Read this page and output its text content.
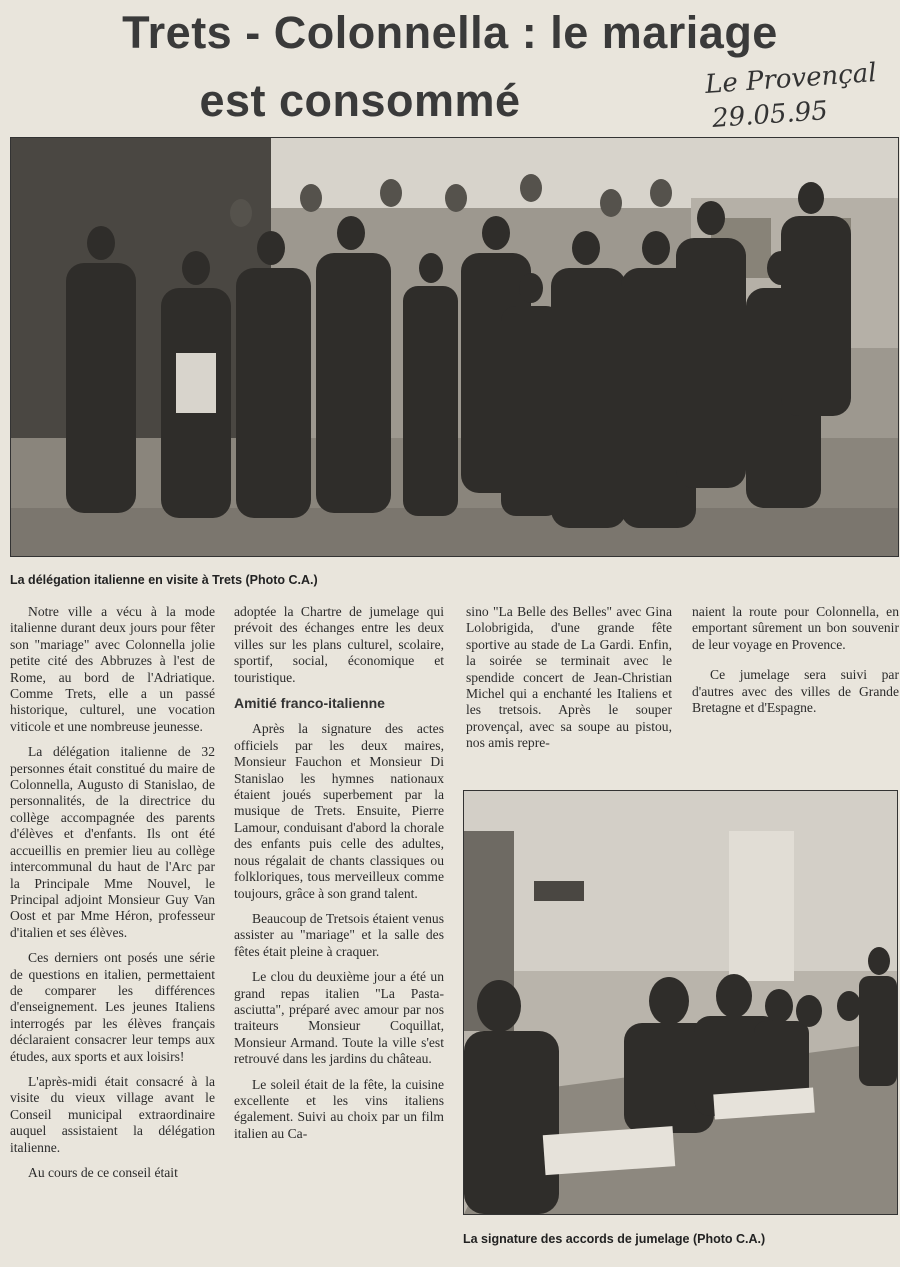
Trets - Colonnella : le mariage
est consommé	Le Provençal
29.05.95
La délégation italienne en visite à Trets (Photo C.A.)

Notre ville a vécu à la mode italienne durant deux jours pour fêter son "mariage" avec Colonnella jolie petite cité des Abbruzes à l'est de Rome, au bord de l'Adriatique. Comme Trets, elle a un passé historique, culturel, une vocation viticole et une nombreuse jeunesse.

La délégation italienne de 32 personnes était constitué du maire de Colonnella, Augusto di Stanislao, de personnalités, de la directrice du collège accompagnée des parents d'élèves et d'enfants. Ils ont été accueillis en premier lieu au collège intercommunal du haut de l'Arc par la Principale Mme Nouvel, le Principal adjoint Monsieur Guy Van Oost et par Mme Héron, professeur d'italien et ses élèves.

Ces derniers ont posés une série de questions en italien, permettaient de comparer les différences d'enseignement. Les jeunes Italiens interrogés par les élèves français déclaraient consacrer leur temps aux études, aux sports et aux loisirs!

L'après-midi était consacré à la visite du vieux village avant le Conseil municipal extraordinaire auquel assistaient la délégation italienne.

Au cours de ce conseil était

adoptée la Chartre de jumelage qui prévoit des échanges entre les deux villes sur les plans culturel, scolaire, sportif, social, économique et touristique.

Amitié franco-italienne

Après la signature des actes officiels par les deux maires, Monsieur Fauchon et Monsieur Di Stanislao les hymnes nationaux étaient joués superbement par la musique de Trets. Ensuite, Pierre Lamour, conduisant d'abord la chorale des enfants puis celle des adultes, nous régalait de chants classiques ou folkloriques, tous merveilleux comme toujours, grâce à son grand talent.

Beaucoup de Tretsois étaient venus assister au "mariage" et la salle des fêtes était pleine à craquer.

Le clou du deuxième jour a été un grand repas italien "La Pasta-asciutta", préparé avec amour par nos traiteurs Monsieur Coquillat, Monsieur Armand. Toute la ville s'est retrouvé dans les jardins du château.

Le soleil était de la fête, la cuisine excellente et les vins italiens également. Suivi au choix par un film italien au Ca-

sino "La Belle des Belles" avec Gina Lolobrigida, d'une grande fête sportive au stade de La Gardi. Enfin, la soirée se terminait avec le spendide concert de Jean-Christian Michel qui a enchanté les Italiens et les tretsois. Après le souper provençal, avec sa soupe au pistou, nos amis repre-

naient la route pour Colonnella, en emportant sûrement un bon souvenir de leur voyage en Provence.

Ce jumelage sera suivi par d'autres avec des villes de Grande Bretagne et d'Espagne.

La signature des accords de jumelage (Photo C.A.)
